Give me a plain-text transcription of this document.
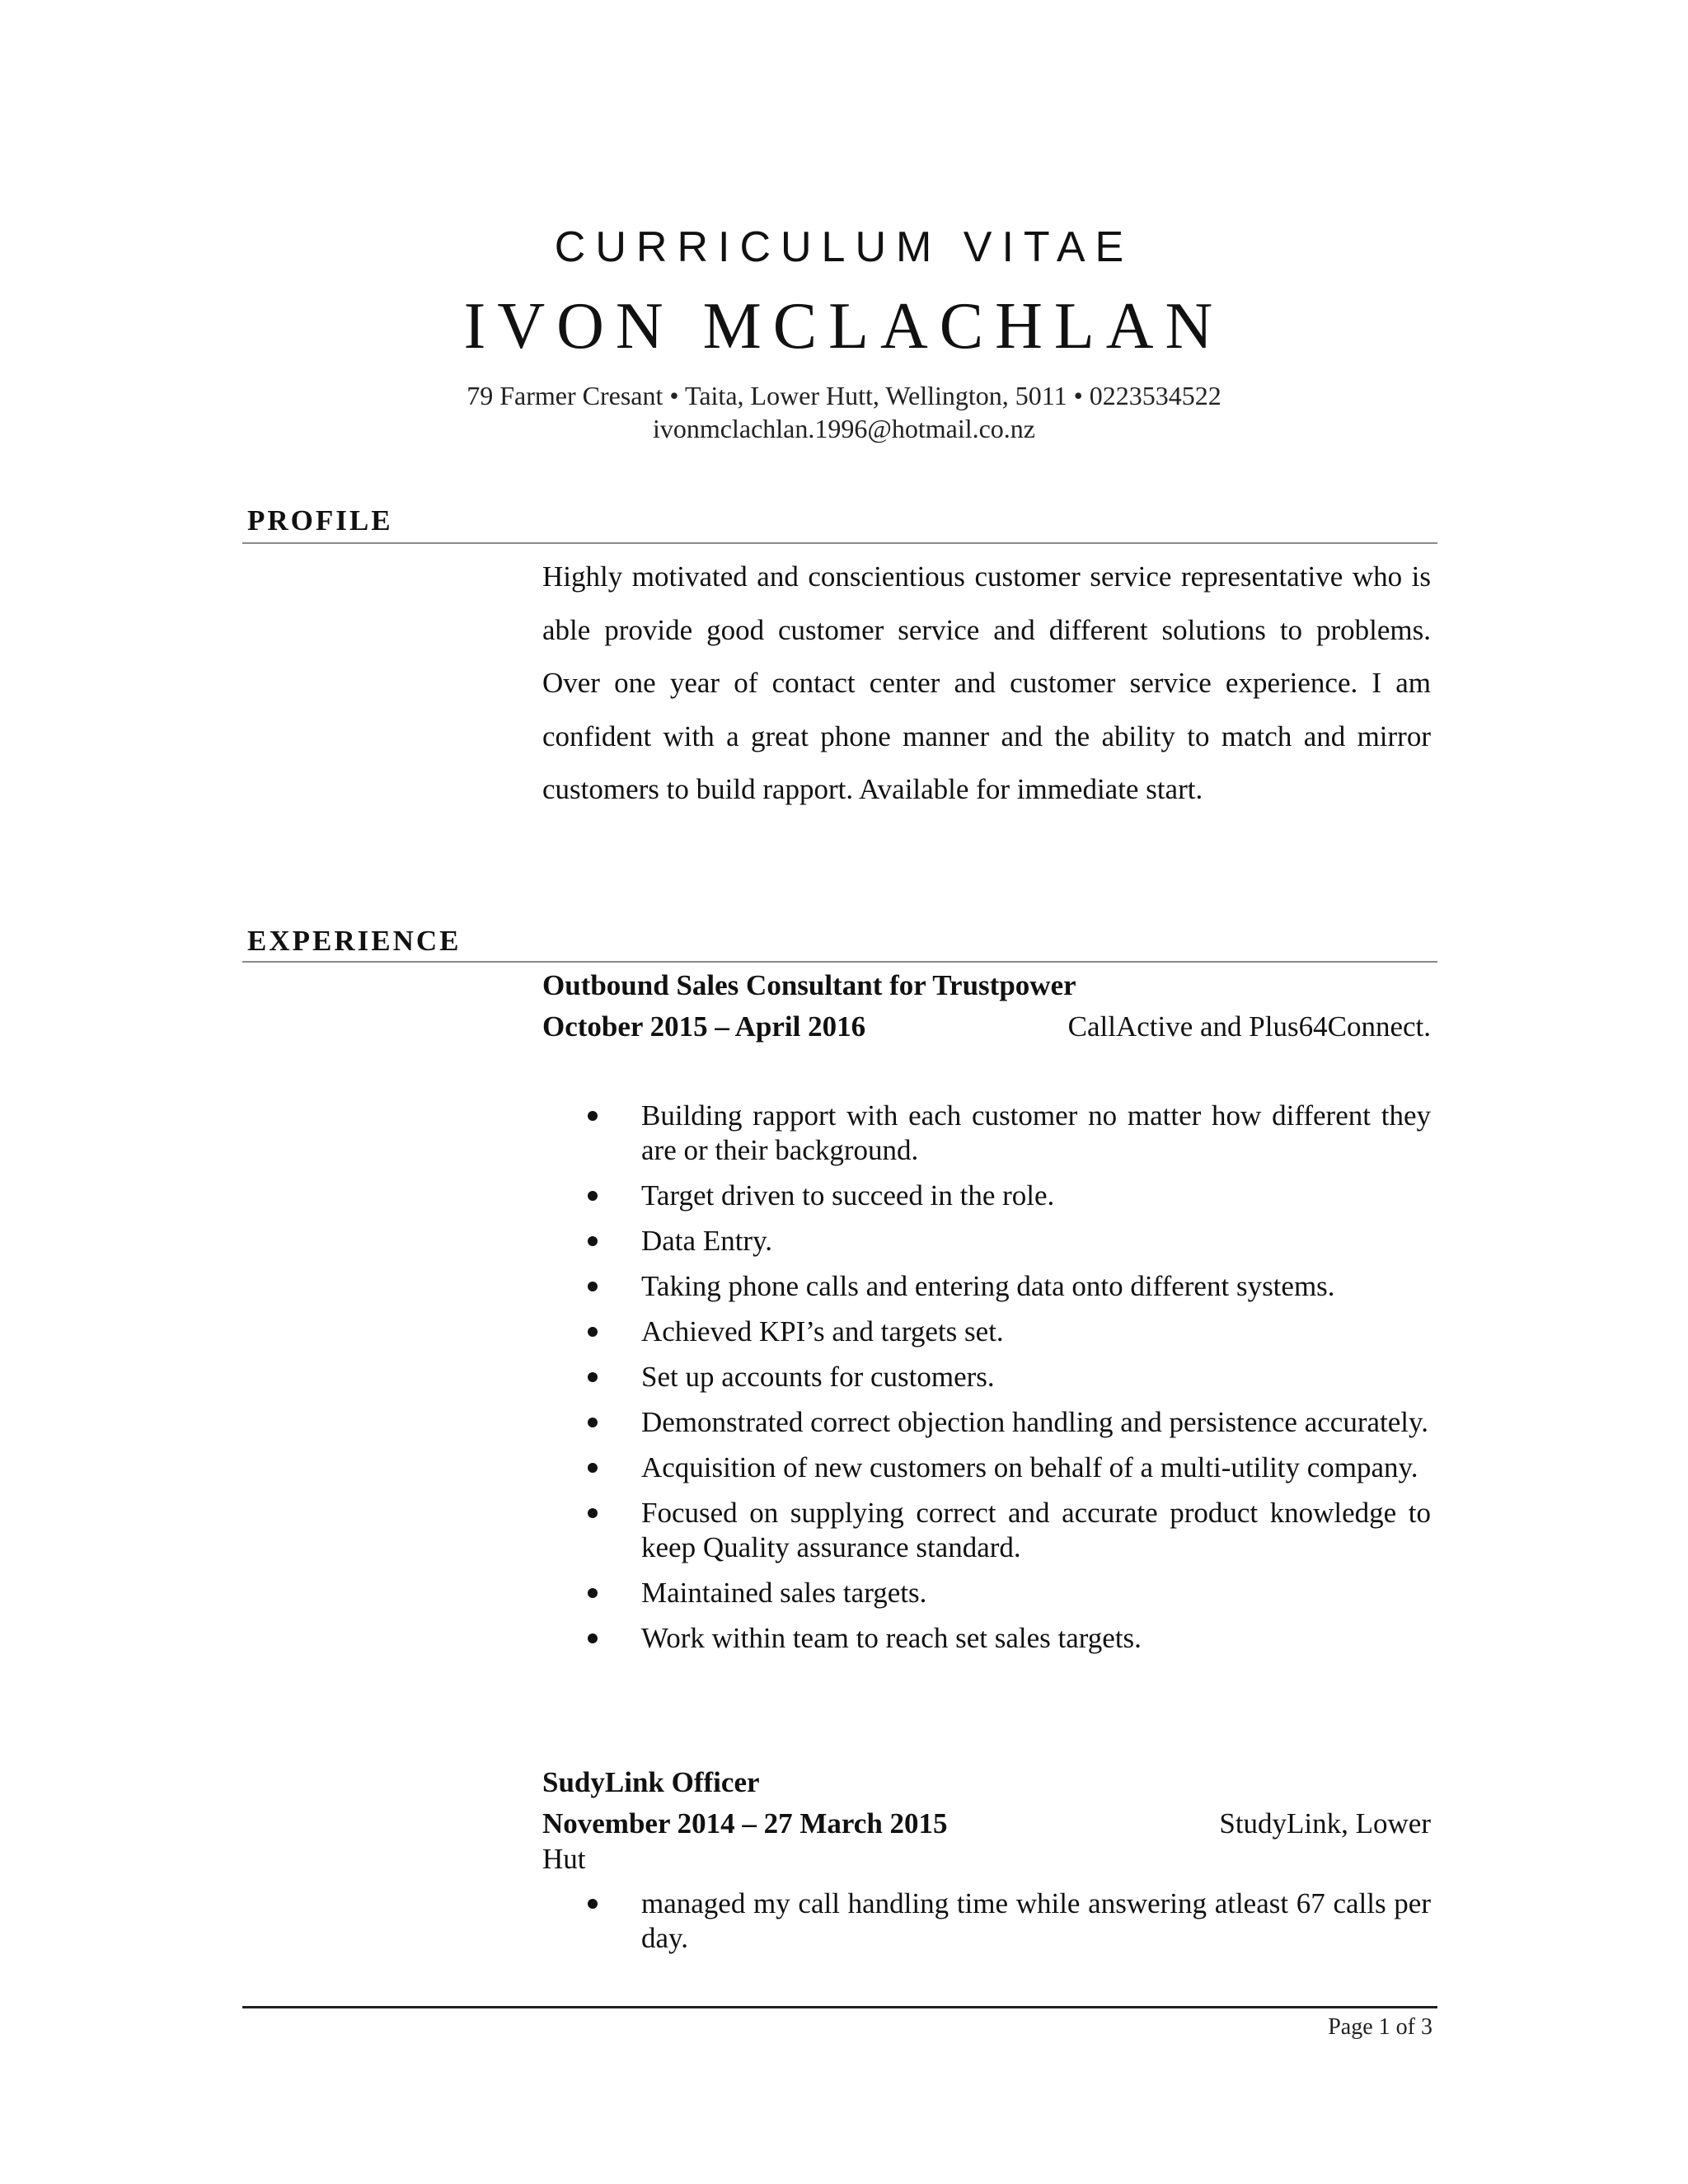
CURRICULUM VITAE
IVON MCLACHLAN
79 Farmer Cresant • Taita, Lower Hutt, Wellington, 5011 • 0223534522
ivonmclachlan.1996@hotmail.co.nz
PROFILE
Highly motivated and conscientious customer service representative who is able provide good customer service and different solutions to problems. Over one year of contact center and customer service experience. I am confident with a great phone manner and the ability to match and mirror customers to build rapport. Available for immediate start.
EXPERIENCE
Outbound Sales Consultant for Trustpower
October 2015 – April 2016	CallActive and Plus64Connect.
Building rapport with each customer no matter how different they are or their background.
Target driven to succeed in the role.
Data Entry.
Taking phone calls and entering data onto different systems.
Achieved KPI’s and targets set.
Set up accounts for customers.
Demonstrated correct objection handling and persistence accurately.
Acquisition of new customers on behalf of a multi-utility company.
Focused on supplying correct and accurate product knowledge to keep Quality assurance standard.
Maintained sales targets.
Work within team to reach set sales targets.
SudyLink Officer
November 2014 – 27 March 2015	StudyLink, Lower
Hut
managed my call handling time while answering atleast 67 calls per day.
Page 1 of 3
